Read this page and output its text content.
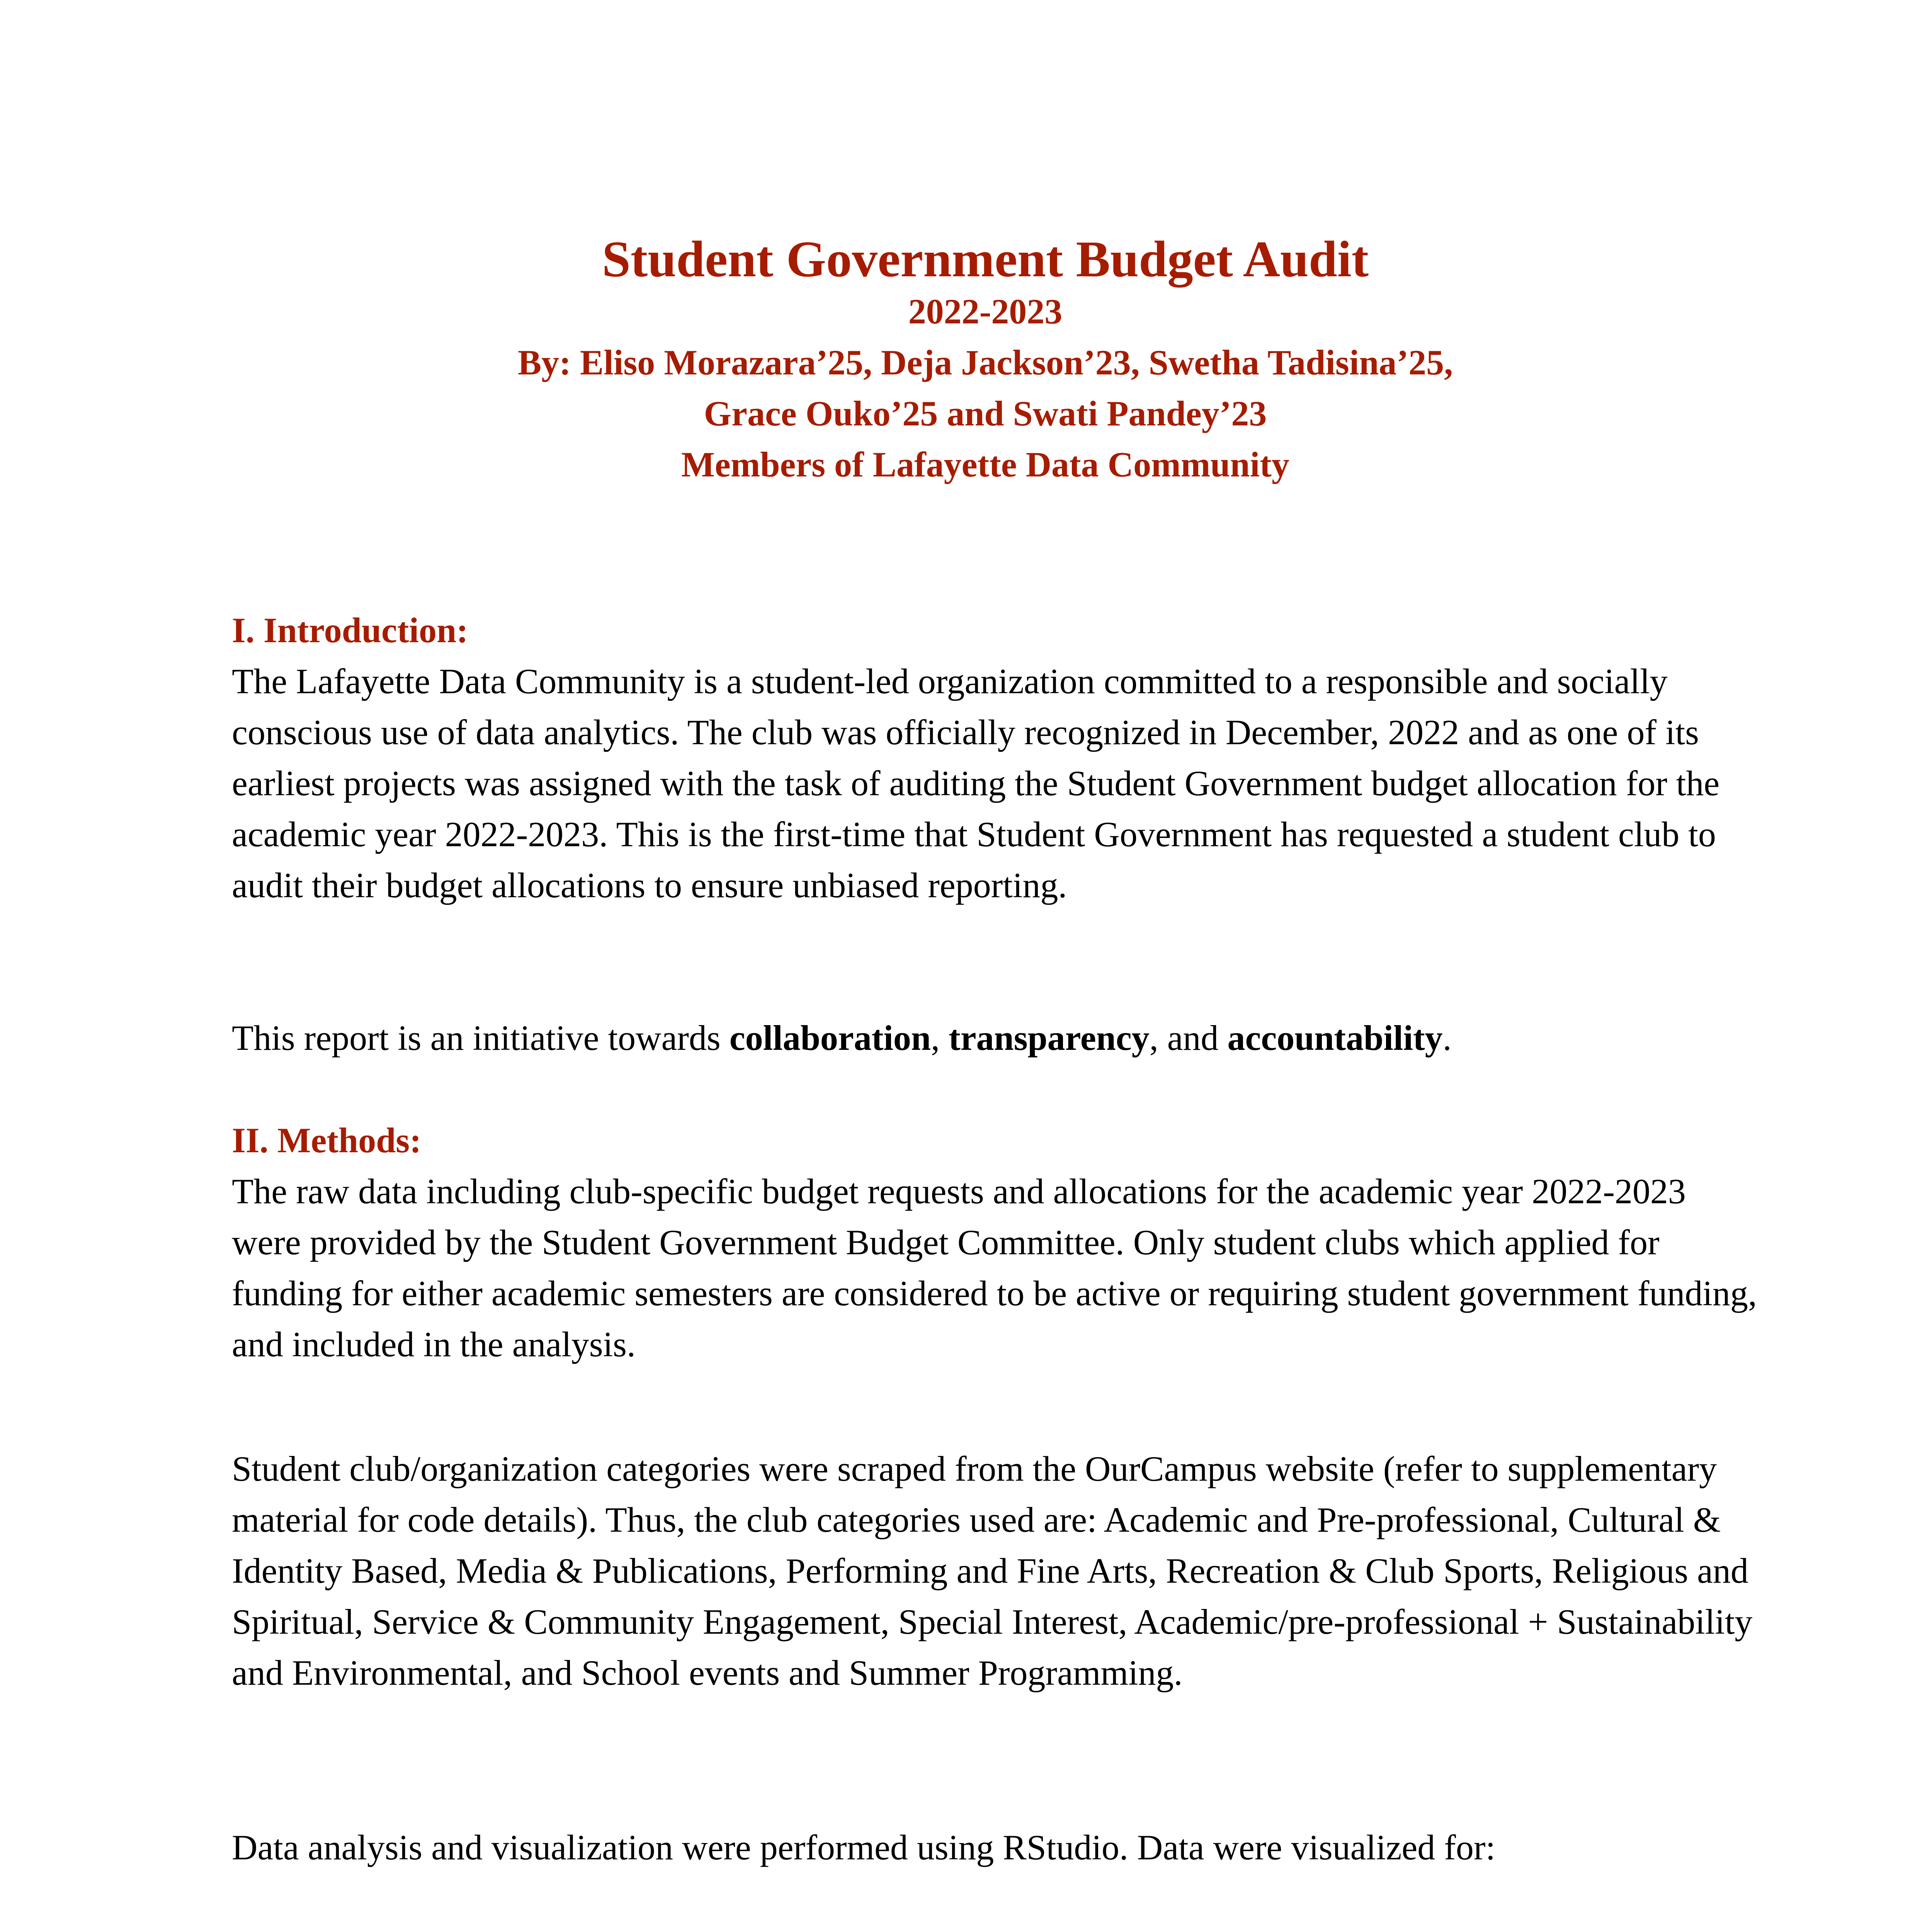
Student Government Budget Audit

2022-2023

By: Eliso Morazara’25, Deja Jackson’23, Swetha Tadisina’25,

Grace Ouko’25 and Swati Pandey’23

Members of Lafayette Data Community

I. Introduction:

The Lafayette Data Community is a student-led organization committed to a responsible and socially conscious use of data analytics. The club was officially recognized in December, 2022 and as one of its earliest projects was assigned with the task of auditing the Student Government budget allocation for the academic year 2022-2023. This is the first-time that Student Government has requested a student club to audit their budget allocations to ensure unbiased reporting.

This report is an initiative towards collaboration, transparency, and accountability.

II. Methods:

The raw data including club-specific budget requests and allocations for the academic year 2022-2023 were provided by the Student Government Budget Committee. Only student clubs which applied for funding for either academic semesters are considered to be active or requiring student government funding, and included in the analysis.

Student club/organization categories were scraped from the OurCampus website (refer to supplementary material for code details). Thus, the club categories used are: Academic and Pre-professional, Cultural & Identity Based, Media & Publications, Performing and Fine Arts, Recreation & Club Sports, Religious and Spiritual, Service & Community Engagement, Special Interest, Academic/pre-professional + Sustainability and Environmental, and School events and Summer Programming.

Data analysis and visualization were performed using RStudio. Data were visualized for:
